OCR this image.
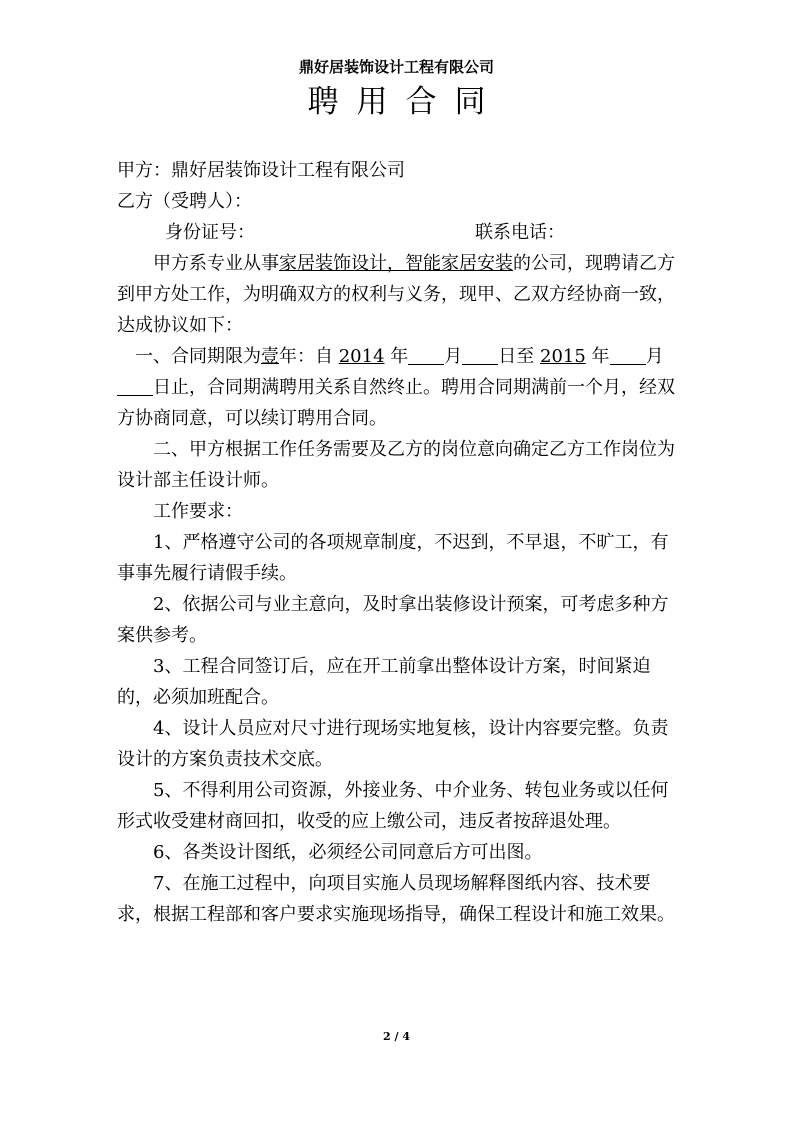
鼎好居装饰设计工程有限公司
聘用合同

甲方：鼎好居装饰设计工程有限公司

乙方（受聘人）：

身份证号：	联系电话：

甲方系专业从事家居装饰设计，智能家居安装的公司，现聘请乙方到甲方处工作，为明确双方的权利与义务，现甲、乙双方经协商一致，达成协议如下：

一、合同期限为壹年：自 2014 年 月 日至 2015 年 月日止，合同期满聘用关系自然终止。聘用合同期满前一个月，经双方协商同意，可以续订聘用合同。

二、甲方根据工作任务需要及乙方的岗位意向确定乙方工作岗位为设计部主任设计师。

工作要求：

1、严格遵守公司的各项规章制度，不迟到，不早退，不旷工，有事事先履行请假手续。

2、依据公司与业主意向，及时拿出装修设计预案，可考虑多种方案供参考。

3、工程合同签订后，应在开工前拿出整体设计方案，时间紧迫的，必须加班配合。

4、设计人员应对尺寸进行现场实地复核，设计内容要完整。负责设计的方案负责技术交底。

5、不得利用公司资源，外接业务、中介业务、转包业务或以任何形式收受建材商回扣，收受的应上缴公司，违反者按辞退处理。

6、各类设计图纸，必须经公司同意后方可出图。

7、在施工过程中，向项目实施人员现场解释图纸内容、技术要求，根据工程部和客户要求实施现场指导，确保工程设计和施工效果。

2 / 4
